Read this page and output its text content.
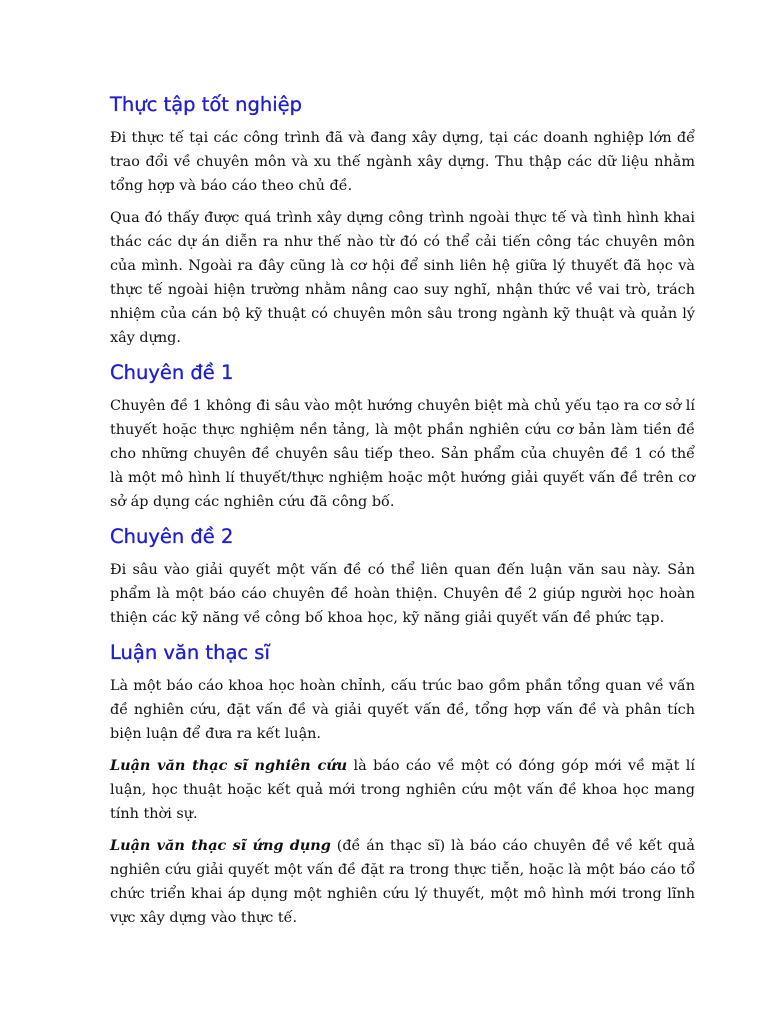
Thực tập tốt nghiệp

Đi thực tế tại các công trình đã và đang xây dựng, tại các doanh nghiệp lớn để trao đổi về chuyên môn và xu thế ngành xây dựng. Thu thập các dữ liệu nhằm tổng hợp và báo cáo theo chủ đề.

Qua đó thấy được quá trình xây dựng công trình ngoài thực tế và tình hình khai thác các dự án diễn ra như thế nào từ đó có thể cải tiến công tác chuyên môn của mình. Ngoài ra đây cũng là cơ hội để sinh liên hệ giữa lý thuyết đã học và thực tế ngoài hiện trường nhằm nâng cao suy nghĩ, nhận thức về vai trò, trách nhiệm của cán bộ kỹ thuật có chuyên môn sâu trong ngành kỹ thuật và quản lý xây dựng.

Chuyên đề 1

Chuyên đề 1 không đi sâu vào một hướng chuyên biệt mà chủ yếu tạo ra cơ sở lí thuyết hoặc thực nghiệm nền tảng, là một phần nghiên cứu cơ bản làm tiền đề cho những chuyên đề chuyên sâu tiếp theo. Sản phẩm của chuyên đề 1 có thể là một mô hình lí thuyết/thực nghiệm hoặc một hướng giải quyết vấn đề trên cơ sở áp dụng các nghiên cứu đã công bố.

Chuyên đề 2

Đi sâu vào giải quyết một vấn đề có thể liên quan đến luận văn sau này. Sản phẩm là một báo cáo chuyên đề hoàn thiện. Chuyên đề 2 giúp người học hoàn thiện các kỹ năng về công bố khoa học, kỹ năng giải quyết vấn đề phức tạp.

Luận văn thạc sĩ

Là một báo cáo khoa học hoàn chỉnh, cấu trúc bao gồm phần tổng quan về vấn đề nghiên cứu, đặt vấn đề và giải quyết vấn đề, tổng hợp vấn đề và phân tích biện luận để đưa ra kết luận.

Luận văn thạc sĩ nghiên cứu là báo cáo về một có đóng góp mới về mặt lí luận, học thuật hoặc kết quả mới trong nghiên cứu một vấn đề khoa học mang tính thời sự.

Luận văn thạc sĩ ứng dụng (đề án thạc sĩ) là báo cáo chuyên đề về kết quả nghiên cứu giải quyết một vấn đề đặt ra trong thực tiễn, hoặc là một báo cáo tổ chức triển khai áp dụng một nghiên cứu lý thuyết, một mô hình mới trong lĩnh vực xây dựng vào thực tế.
